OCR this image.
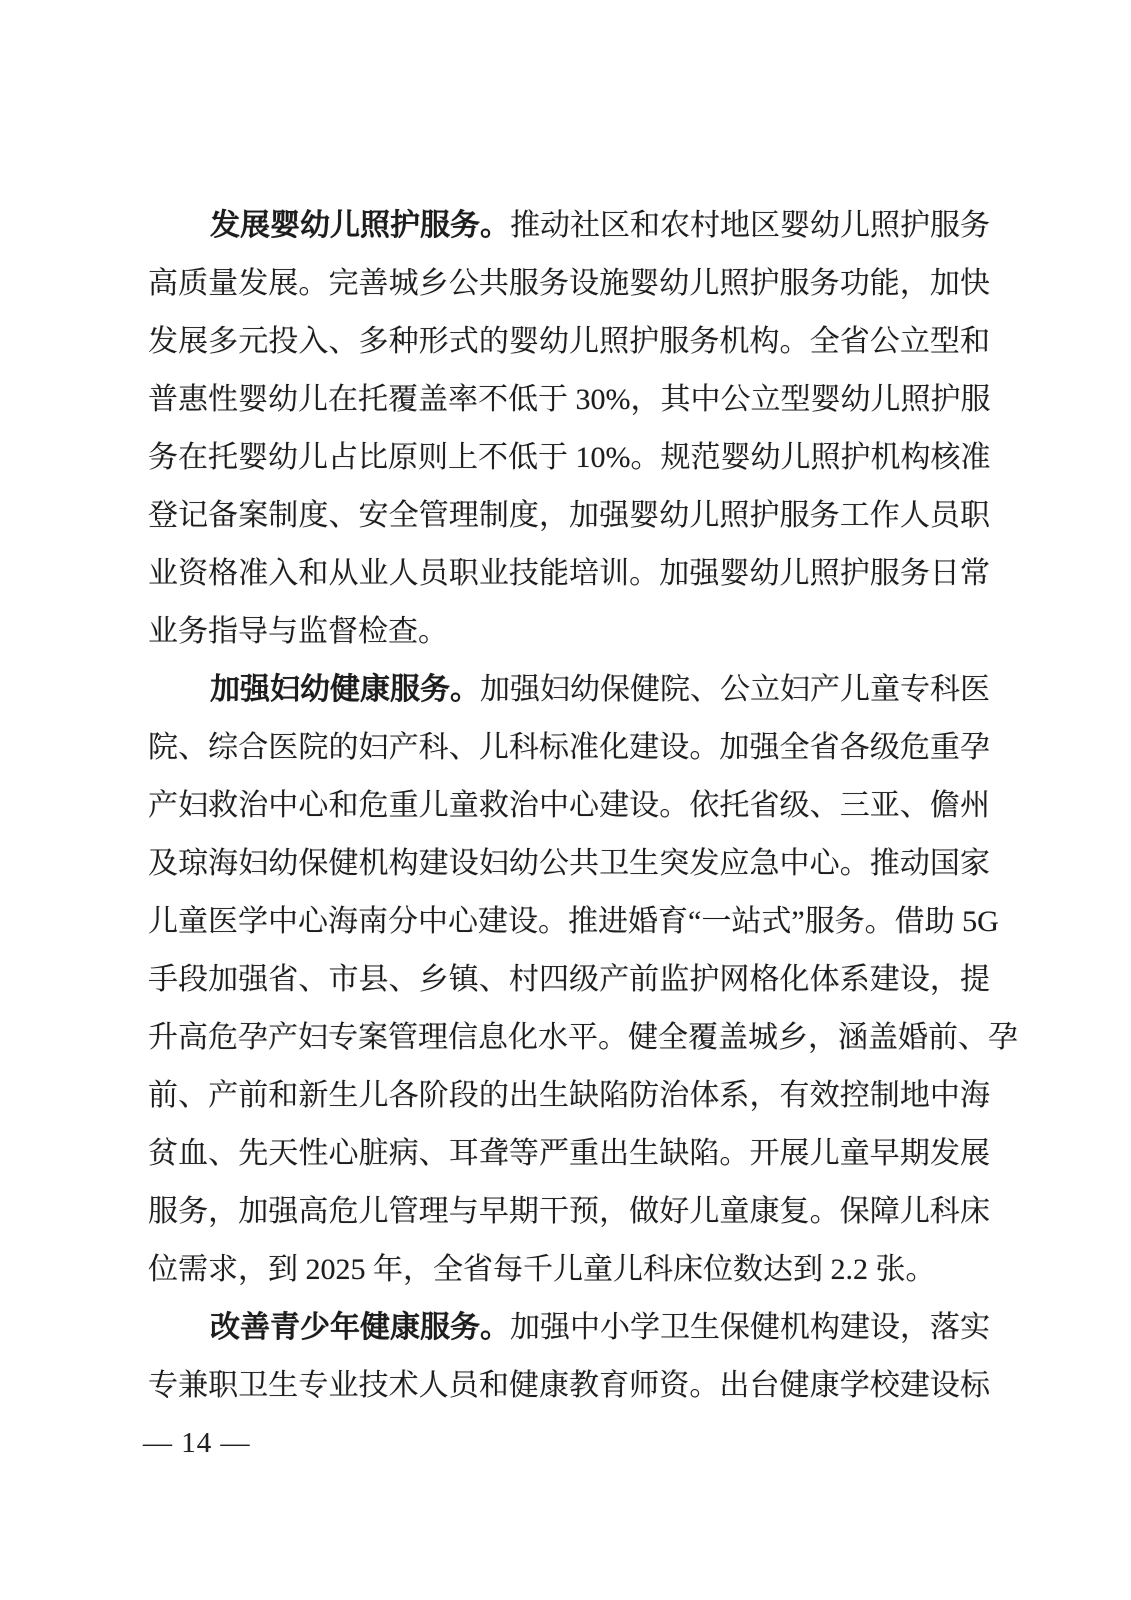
发展婴幼儿照护服务。推动社区和农村地区婴幼儿照护服务
高质量发展。完善城乡公共服务设施婴幼儿照护服务功能，加快
发展多元投入、多种形式的婴幼儿照护服务机构。全省公立型和
普惠性婴幼儿在托覆盖率不低于 30%，其中公立型婴幼儿照护服
务在托婴幼儿占比原则上不低于 10%。规范婴幼儿照护机构核准
登记备案制度、安全管理制度，加强婴幼儿照护服务工作人员职
业资格准入和从业人员职业技能培训。加强婴幼儿照护服务日常
业务指导与监督检查。
加强妇幼健康服务。加强妇幼保健院、公立妇产儿童专科医
院、综合医院的妇产科、儿科标准化建设。加强全省各级危重孕
产妇救治中心和危重儿童救治中心建设。依托省级、三亚、儋州
及琼海妇幼保健机构建设妇幼公共卫生突发应急中心。推动国家
儿童医学中心海南分中心建设。推进婚育“一站式”服务。借助 5G
手段加强省、市县、乡镇、村四级产前监护网格化体系建设，提
升高危孕产妇专案管理信息化水平。健全覆盖城乡，涵盖婚前、孕
前、产前和新生儿各阶段的出生缺陷防治体系，有效控制地中海
贫血、先天性心脏病、耳聋等严重出生缺陷。开展儿童早期发展
服务，加强高危儿管理与早期干预，做好儿童康复。保障儿科床
位需求，到 2025 年，全省每千儿童儿科床位数达到 2.2 张。
改善青少年健康服务。加强中小学卫生保健机构建设，落实
专兼职卫生专业技术人员和健康教育师资。出台健康学校建设标
— 14 —
